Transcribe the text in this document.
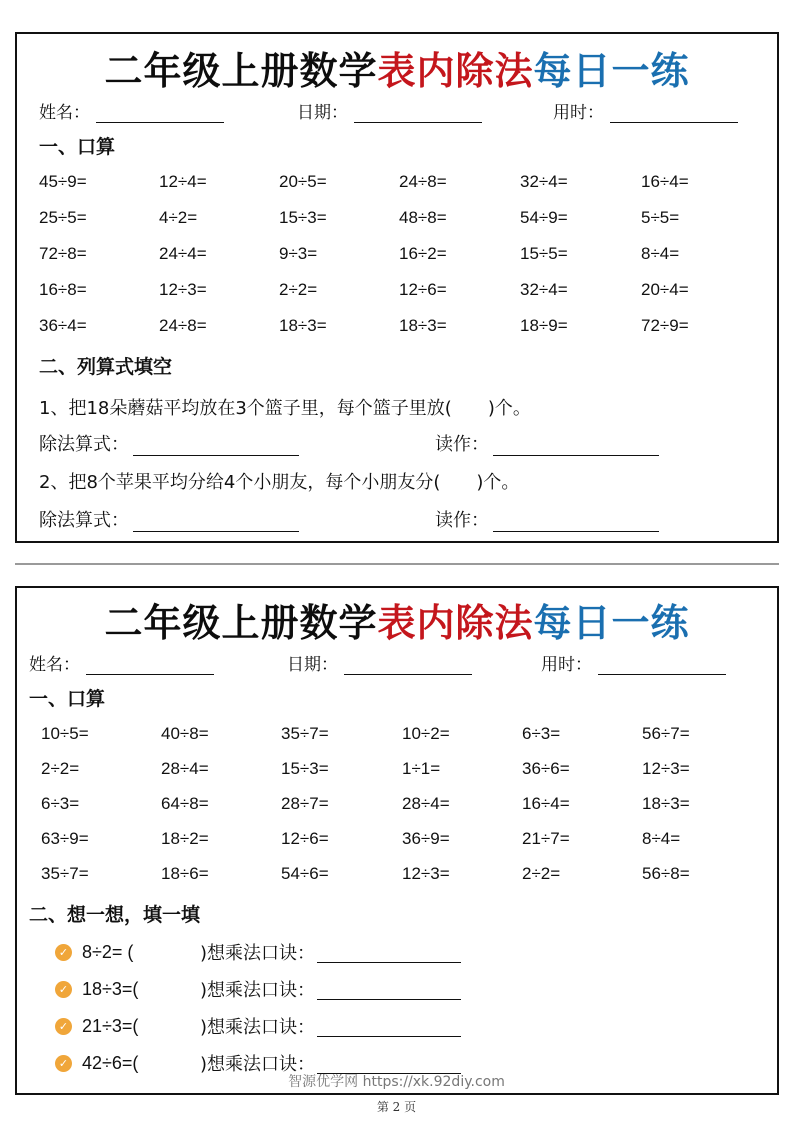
二年级上册数学表内除法每日一练
姓名：	日期：	用时：
一、口算
45÷9=	12÷4=	20÷5=	24÷8=	32÷4=	16÷4=
25÷5=	4÷2=	15÷3=	48÷8=	54÷9=	5÷5=
72÷8=	24÷4=	9÷3=	16÷2=	15÷5=	8÷4=
16÷8=	12÷3=	2÷2=	12÷6=	32÷4=	20÷4=
36÷4=	24÷8=	18÷3=	18÷3=	18÷9=	72÷9=
二、列算式填空
1、把18朵蘑菇平均放在3个篮子里，每个篮子里放(　　)个。
除法算式：	读作：
2、把8个苹果平均分给4个小朋友，每个小朋友分(　　)个。
除法算式：	读作：
二年级上册数学表内除法每日一练
姓名：	日期：	用时：
一、口算
10÷5=	40÷8=	35÷7=	10÷2=	6÷3=	56÷7=
2÷2=	28÷4=	15÷3=	1÷1=	36÷6=	12÷3=
6÷3=	64÷8=	28÷7=	28÷4=	16÷4=	18÷3=
63÷9=	18÷2=	12÷6=	36÷9=	21÷7=	8÷4=
35÷7=	18÷6=	54÷6=	12÷3=	2÷2=	56÷8=
二、想一想，填一填
✓ 8÷2= (	)想乘法口诀：
✓ 18÷3=(	)想乘法口诀：
✓ 21÷3=(	)想乘法口诀：
✓ 42÷6=(	)想乘法口诀：
智源优学网 https://xk.92diy.com
第 2 页
